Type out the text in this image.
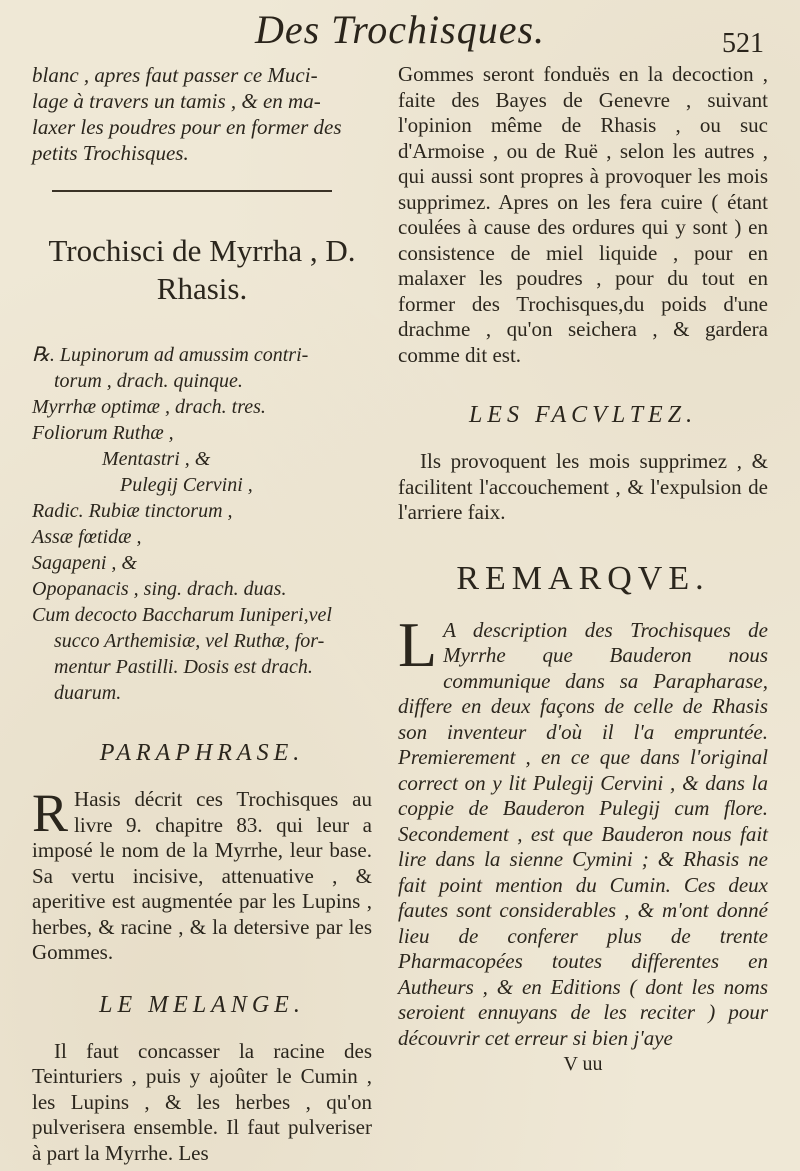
Des Trochisques.	521

blanc , apres faut passer ce Muci-

lage à travers un tamis , & en ma-

laxer les poudres pour en former des

petits Trochisques.

Trochisci de Myrrha , D. Rhasis.

℞. Lupinorum ad amussim contri-

torum , drach. quinque.

Myrrhæ optimæ , drach. tres.

Foliorum Ruthæ ,

Mentastri , &

Pulegij Cervini ,

Radic. Rubiæ tinctorum ,

Assæ fœtidæ ,

Sagapeni , &

Opopanacis , sing. drach. duas.

Cum decocto Baccharum Iuniperi,vel

succo Arthemisiæ, vel Ruthæ, for-

mentur Pastilli. Dosis est drach.

duarum.

PARAPHRASE.
R Hasis décrit ces Trochisques au livre 9. chapitre 83. qui leur a imposé le nom de la Myrrhe, leur base. Sa vertu incisive, attenuative , & aperitive est augmentée par les Lupins , herbes, & racine , & la detersive par les Gommes.
LE MELANGE.

Il faut concasser la racine des Teinturiers , puis y ajoûter le Cumin , les Lupins , & les herbes , qu'on pulverisera ensemble. Il faut pulveriser à part la Myrrhe. Les

Gommes seront fonduës en la decoction , faite des Bayes de Genevre , suivant l'opinion même de Rhasis , ou suc d'Armoise , ou de Ruë , selon les autres , qui aussi sont propres à provoquer les mois supprimez. Apres on les fera cuire ( étant coulées à cause des ordures qui y sont ) en consistence de miel liquide , pour en malaxer les poudres , pour du tout en former des Trochisques,du poids d'une drachme , qu'on seichera , & gardera comme dit est.

LES FACVLTEZ.

Ils provoquent les mois supprimez , & facilitent l'accouchement , & l'expulsion de l'arriere faix.

REMARQVE.
L A description des Trochisques de Myrrhe que Bauderon nous communique dans sa Parapharase, differe en deux façons de celle de Rhasis son inventeur d'où il l'a empruntée. Premierement , en ce que dans l'original correct on y lit Pulegij Cervini , & dans la coppie de Bauderon Pulegij cum flore. Secondement , est que Bauderon nous fait lire dans la sienne Cymini ; & Rhasis ne fait point mention du Cumin. Ces deux fautes sont considerables , & m'ont donné lieu de conferer plus de trente Pharmacopées toutes differentes en Autheurs , & en Editions ( dont les noms seroient ennuyans de les reciter ) pour découvrir cet erreur si bien j'aye
V uu
